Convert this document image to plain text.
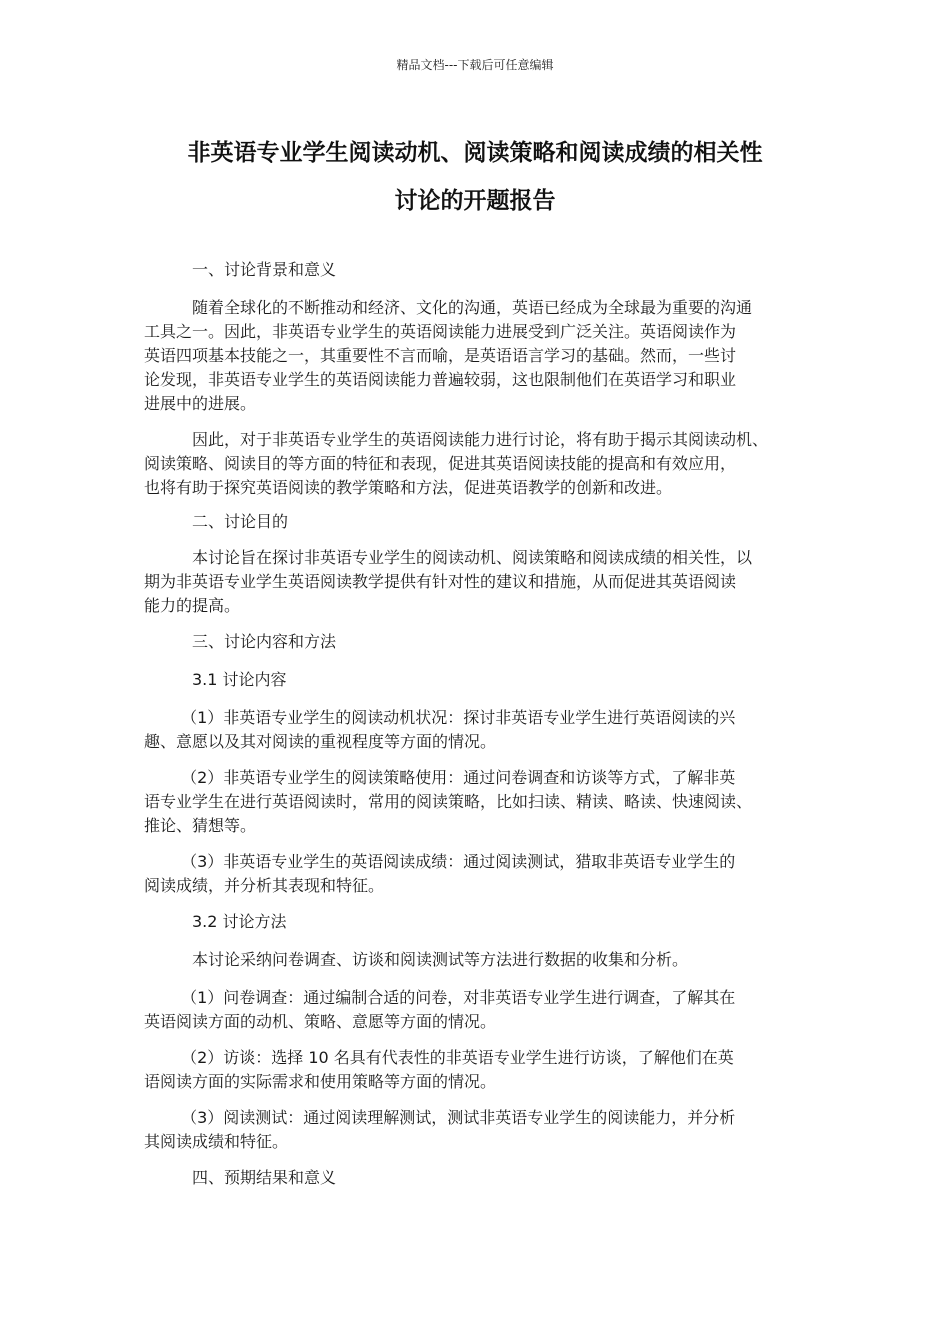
精品文档---下载后可任意编辑
非英语专业学生阅读动机、阅读策略和阅读成绩的相关性
讨论的开题报告
　　　一、讨论背景和意义
　　　随着全球化的不断推动和经济、文化的沟通，英语已经成为全球最为重要的沟通
工具之一。因此，非英语专业学生的英语阅读能力进展受到广泛关注。英语阅读作为
英语四项基本技能之一，其重要性不言而喻，是英语语言学习的基础。然而，一些讨
论发现，非英语专业学生的英语阅读能力普遍较弱，这也限制他们在英语学习和职业
进展中的进展。
　　　因此，对于非英语专业学生的英语阅读能力进行讨论，将有助于揭示其阅读动机、
阅读策略、阅读目的等方面的特征和表现，促进其英语阅读技能的提高和有效应用，
也将有助于探究英语阅读的教学策略和方法，促进英语教学的创新和改进。
　　　二、讨论目的
　　　本讨论旨在探讨非英语专业学生的阅读动机、阅读策略和阅读成绩的相关性，以
期为非英语专业学生英语阅读教学提供有针对性的建议和措施，从而促进其英语阅读
能力的提高。
　　　三、讨论内容和方法
　　　3.1 讨论内容
　　 （1）非英语专业学生的阅读动机状况：探讨非英语专业学生进行英语阅读的兴
趣、意愿以及其对阅读的重视程度等方面的情况。
　　 （2）非英语专业学生的阅读策略使用：通过问卷调查和访谈等方式，了解非英
语专业学生在进行英语阅读时，常用的阅读策略，比如扫读、精读、略读、快速阅读、
推论、猜想等。
　　 （3）非英语专业学生的英语阅读成绩：通过阅读测试，猎取非英语专业学生的
阅读成绩，并分析其表现和特征。
　　　3.2 讨论方法
　　　本讨论采纳问卷调查、访谈和阅读测试等方法进行数据的收集和分析。
　　 （1）问卷调查：通过编制合适的问卷，对非英语专业学生进行调查，了解其在
英语阅读方面的动机、策略、意愿等方面的情况。
　　 （2）访谈：选择 10 名具有代表性的非英语专业学生进行访谈，了解他们在英
语阅读方面的实际需求和使用策略等方面的情况。
　　 （3）阅读测试：通过阅读理解测试，测试非英语专业学生的阅读能力，并分析
其阅读成绩和特征。
　　　四、预期结果和意义
